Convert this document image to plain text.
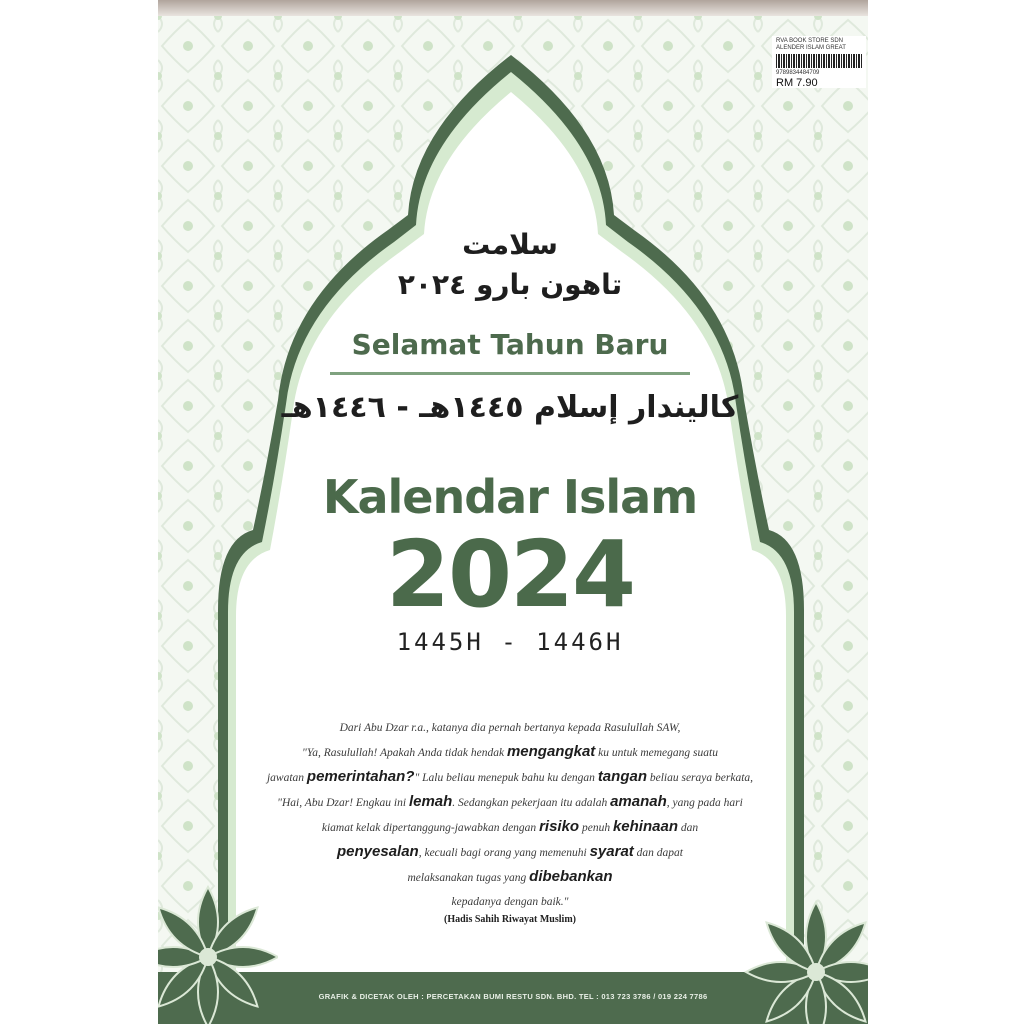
RVA BOOK STORE SDN
ALENDER ISLAM GREAT
9789834484709
RM 7.90
سلامت
تاهون بارو ٢٠٢٤
Selamat Tahun Baru
کاليندار إسلام ١٤٤٥هـ - ١٤٤٦هـ
Kalendar Islam
2024
1445H - 1446H
Dari Abu Dzar r.a., katanya dia pernah bertanya kepada Rasulullah SAW,
"Ya, Rasulullah! Apakah Anda tidak hendak mengangkat ku untuk memegang suatu
jawatan pemerintahan?" Lalu beliau menepuk bahu ku dengan tangan beliau seraya berkata,
"Hai, Abu Dzar! Engkau ini lemah. Sedangkan pekerjaan itu adalah amanah, yang pada hari
kiamat kelak dipertanggung-jawabkan dengan risiko penuh kehinaan dan
penyesalan, kecuali bagi orang yang memenuhi syarat dan dapat
melaksanakan tugas yang dibebankan
kepadanya dengan baik."
(Hadis Sahih Riwayat Muslim)
GRAFIK & DICETAK OLEH : PERCETAKAN BUMI RESTU SDN. BHD. TEL : 013 723 3786 / 019 224 7786
